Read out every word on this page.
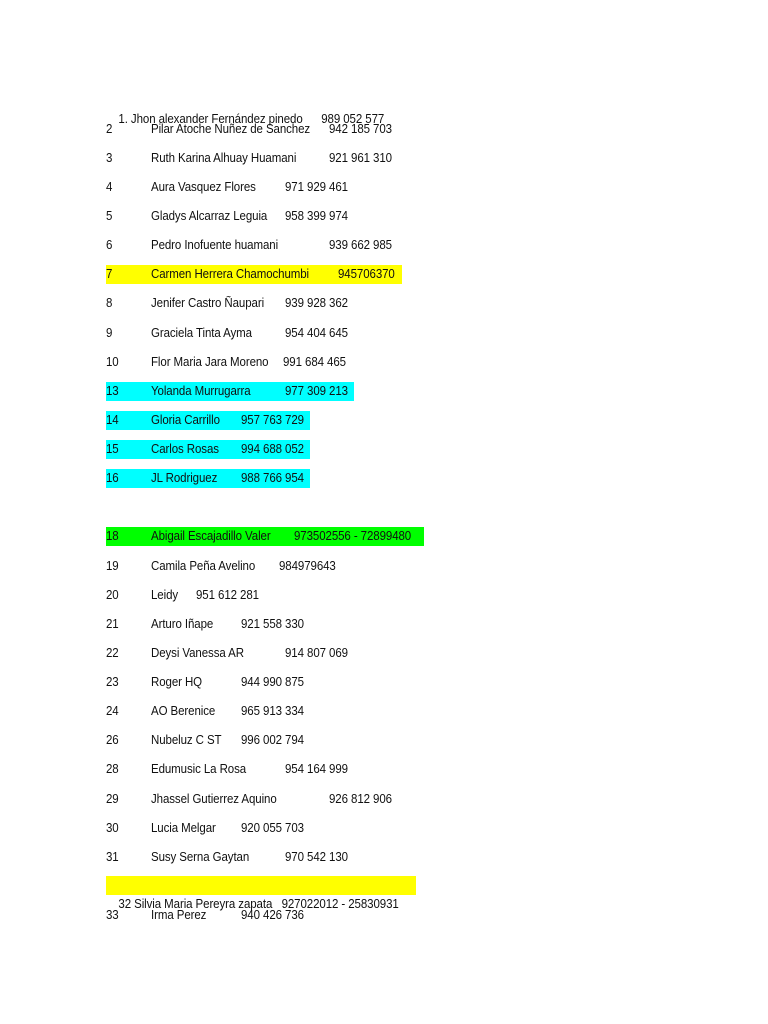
1. Jhon alexander Fernández pinedo      989 052 577

2	Pilar Atoche Nuñez de Sanchez 942 185 703
3	Ruth Karina Alhuay Huamani	921 961 310
4	Aura Vasquez Flores 971 929 461
5	Gladys Alcarraz Leguia 958 399 974
6	Pedro Inofuente huamani	939 662 985
7	Carmen Herrera Chamochumbi 945706370
8	Jenifer Castro Ñaupari 939 928 362
9	Graciela Tinta Ayma	954 404 645
10	Flor Maria Jara Moreno 991 684 465
13	Yolanda Murrugarra	977 309 213
14	Gloria Carrillo 957 763 729
15	Carlos Rosas 994 688 052
16	JL Rodriguez 988 766 954
18	Abigail Escajadillo Valer 973502556 - 72899480
19	Camila Peña Avelino 984979643
20	Leidy 951 612 281
21	Arturo Iñape 921 558 330
22	Deysi Vanessa AR	914 807 069
23	Roger HQ	944 990 875
24	AO Berenice 965 913 334
26	Nubeluz C ST 996 002 794
28	Edumusic La Rosa	954 164 999
29	Jhassel Gutierrez Aquino	926 812 906
30	Lucia Melgar 920 055 703
31	Susy Serna Gaytan	970 542 130

32 Silvia Maria Pereyra zapata   927022012 - 25830931

33	Irma Perez	940 426 736
